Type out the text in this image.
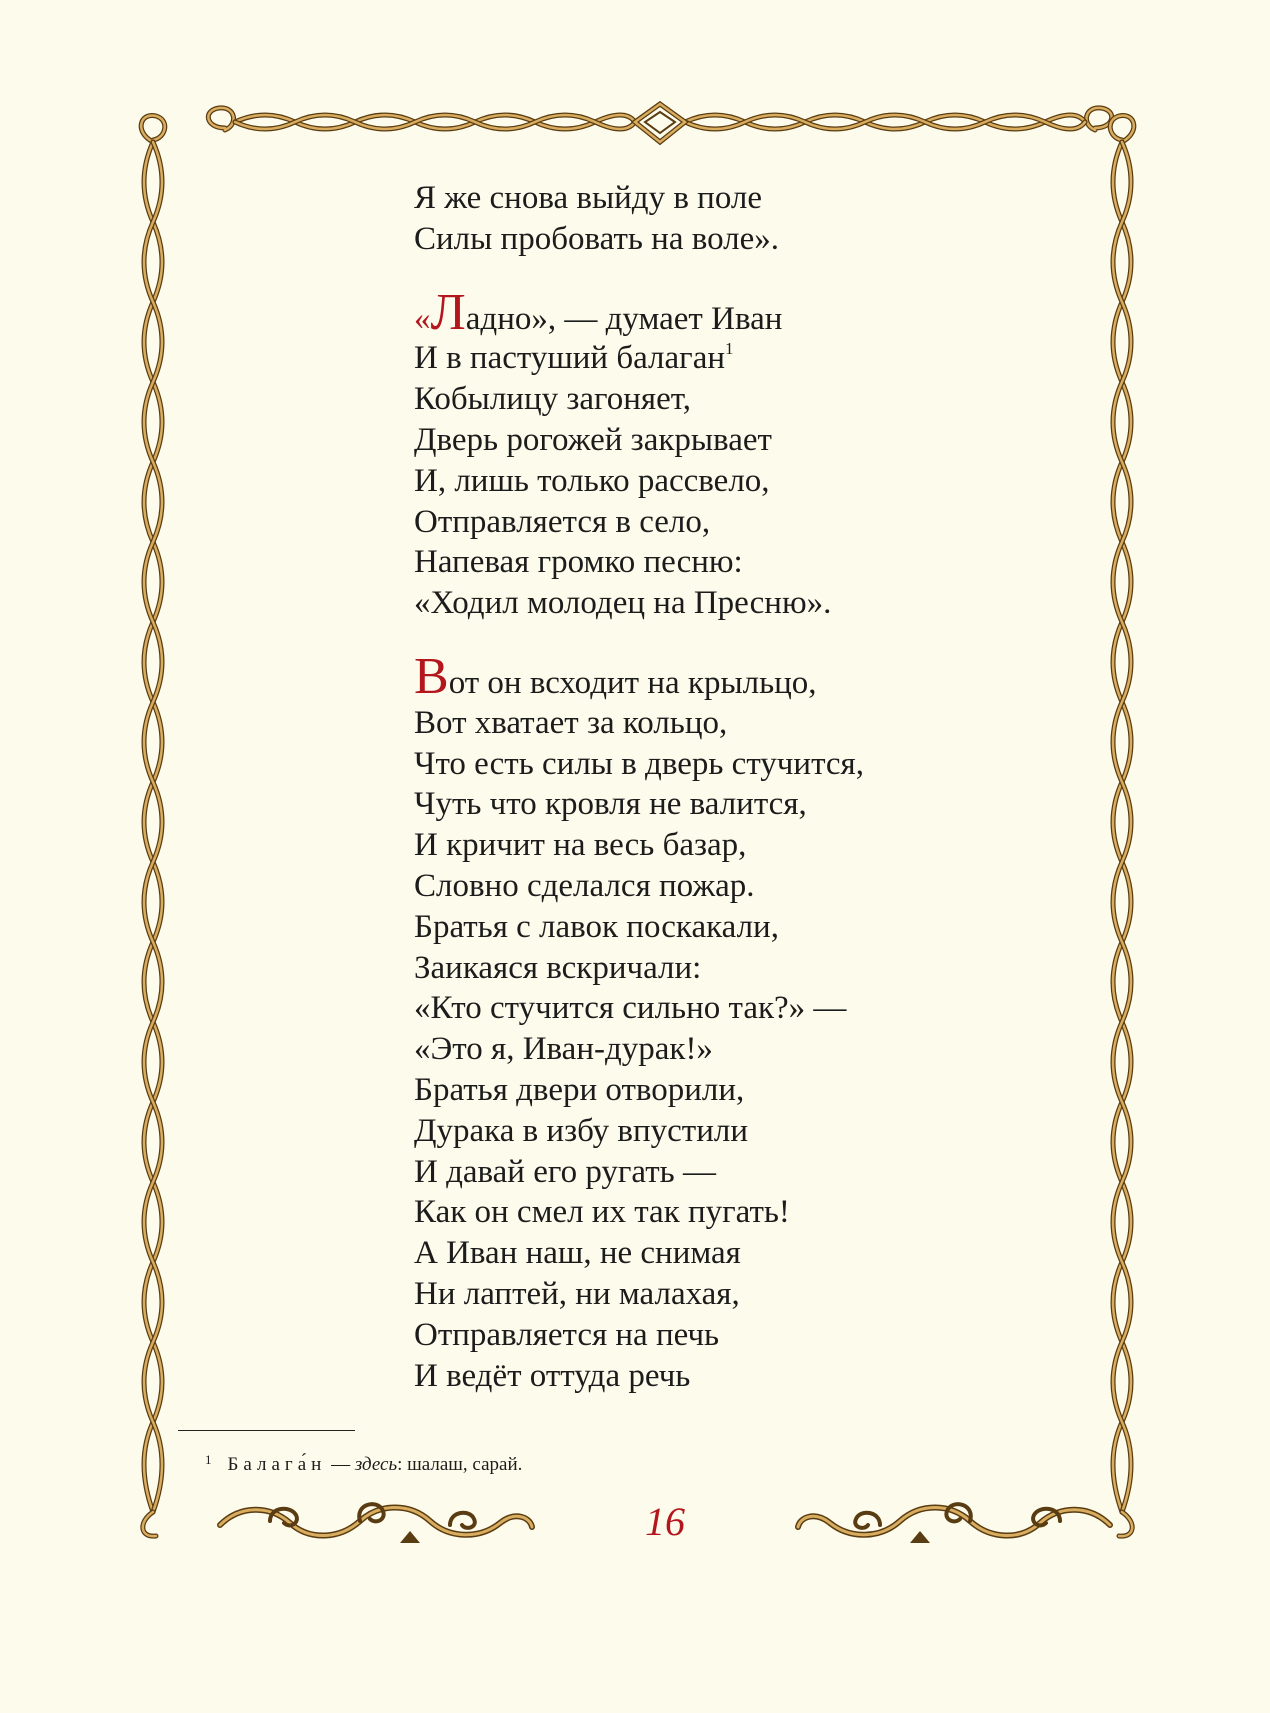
Я же снова выйду в поле
Силы пробовать на воле».
«Ладно», — думает Иван
И в пастуший балаган$^1$
Кобылицу загоняет,
Дверь рогожей закрывает
И, лишь только рассвело,
Отправляется в село,
Напевая громко песню:
«Ходил молодец на Пресню».
Вот он всходит на крыльцо,
Вот хватает за кольцо,
Что есть силы в дверь стучится,
Чуть что кровля не валится,
И кричит на весь базар,
Словно сделался пожар.
Братья с лавок поскакали,
Заикаяся вскричали:
«Кто стучится сильно так?» —
«Это я, Иван-дурак!»
Братья двери отворили,
Дурака в избу впустили
И давай его ругать —
Как он смел их так пугать!
А Иван наш, не снимая
Ни лаптей, ни малахая,
Отправляется на печь
И ведёт оттуда речь
$^1$ Балага́н — здесь: шалаш, сарай.
16
